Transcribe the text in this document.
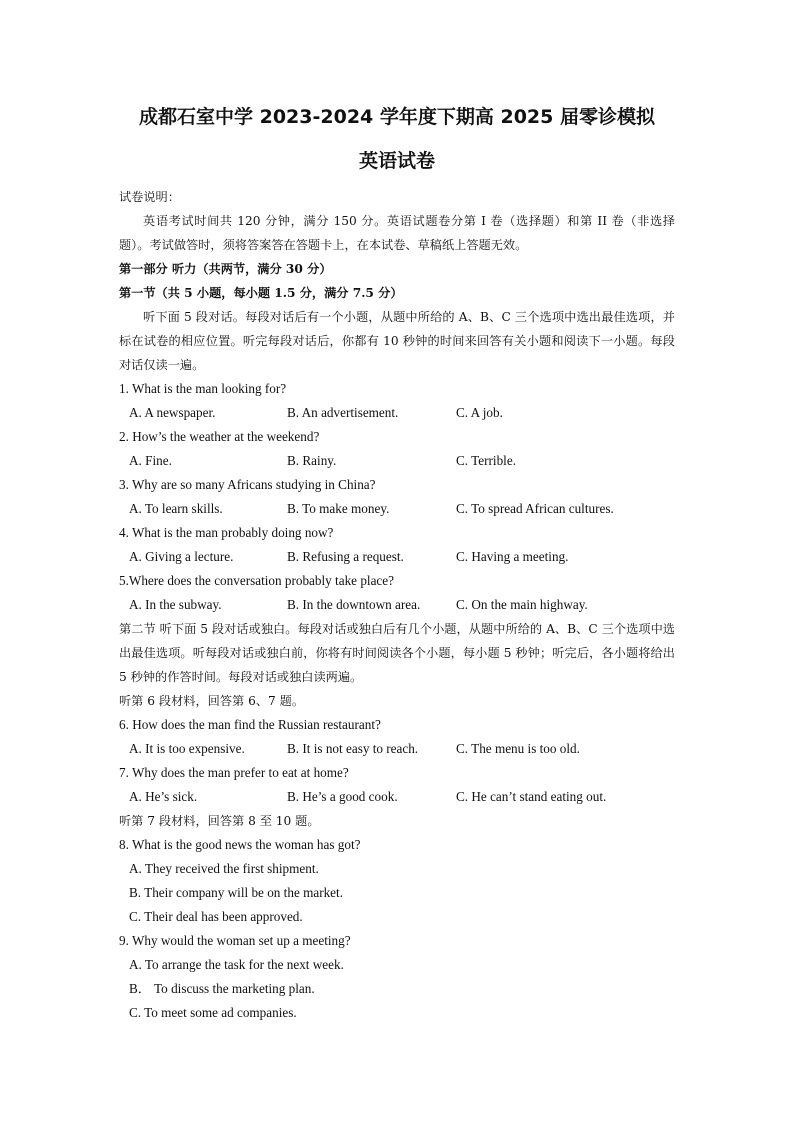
成都石室中学 2023-2024 学年度下期高 2025 届零诊模拟
英语试卷
试卷说明：
英语考试时间共 120 分钟，满分 150 分。英语试题卷分第 I 卷（选择题）和第 II 卷（非选择题）。考试做答时，须将答案答在答题卡上，在本试卷、草稿纸上答题无效。
第一部分 听力（共两节，满分 30 分）
第一节（共 5 小题，每小题 1.5 分，满分 7.5 分）
听下面 5 段对话。每段对话后有一个小题，从题中所给的 A、B、C 三个选项中选出最佳选项，并标在试卷的相应位置。听完每段对话后，你都有 10 秒钟的时间来回答有关小题和阅读下一小题。每段对话仅读一遍。
1. What is the man looking for?
A. A newspaper.	B. An advertisement.	C. A job.
2. How’s the weather at the weekend?
A. Fine.	B. Rainy.	C. Terrible.
3. Why are so many Africans studying in China?
A. To learn skills.	B. To make money.	C. To spread African cultures.
4. What is the man probably doing now?
A. Giving a lecture.	B. Refusing a request.	C. Having a meeting.
5.Where does the conversation probably take place?
A. In the subway.	B. In the downtown area.	C. On the main highway.
第二节 听下面 5 段对话或独白。每段对话或独白后有几个小题，从题中所给的 A、B、C 三个选项中选出最佳选项。听每段对话或独白前，你将有时间阅读各个小题，每小题 5 秒钟；听完后，各小题将给出 5 秒钟的作答时间。每段对话或独白读两遍。
听第 6 段材料，回答第 6、7 题。
6. How does the man find the Russian restaurant?
A. It is too expensive.	B. It is not easy to reach.	C. The menu is too old.
7. Why does the man prefer to eat at home?
A. He’s sick.	B. He’s a good cook.	C. He can’t stand eating out.
听第 7 段材料，回答第 8 至 10 题。
8. What is the good news the woman has got?
A. They received the first shipment.
B. Their company will be on the market.
C. Their deal has been approved.
9. Why would the woman set up a meeting?
A. To arrange the task for the next week.
B． To discuss the marketing plan.
C. To meet some ad companies.
